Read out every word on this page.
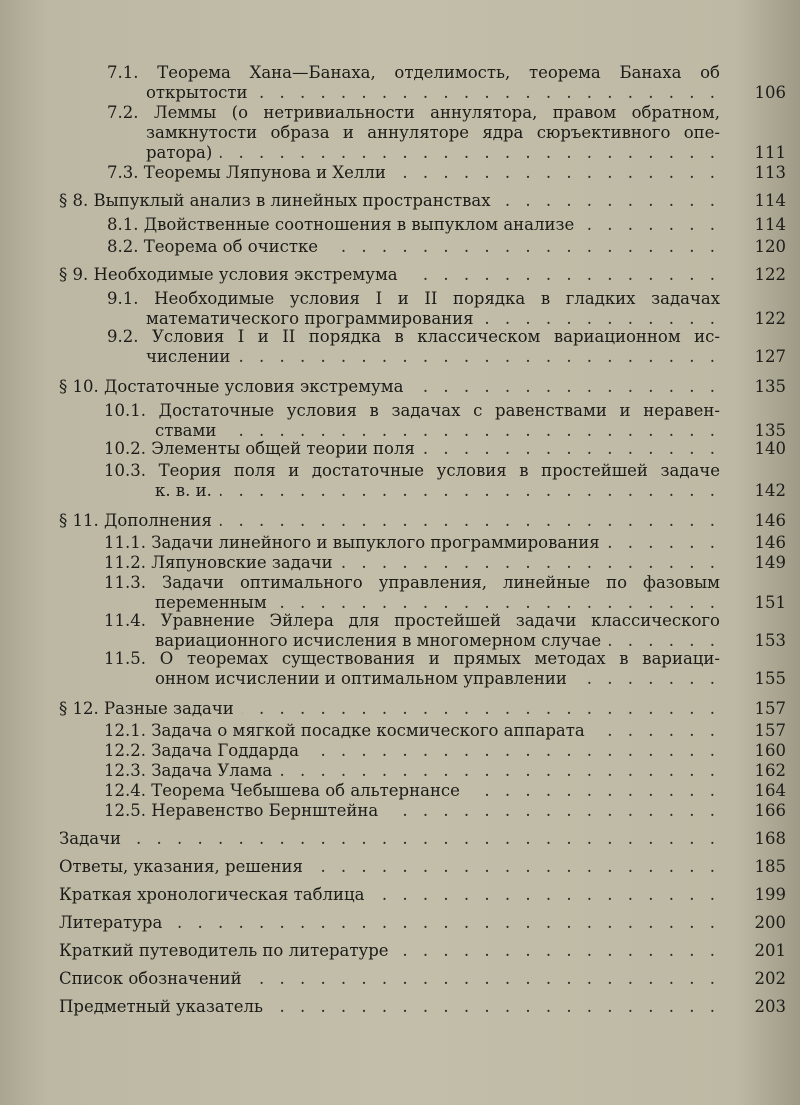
7.1. Теорема Хана—Банаха, отделимость, теорема Банаха об
открытости . . .	106
7.2. Леммы (о нетривиальности аннулятора, правом обратном,
замкнутости образа и аннуляторе ядра сюръективного опе-
ратора) . . .	111
7.3. Теоремы Ляпунова и Хелли . . .	113
§ 8. Выпуклый анализ в линейных пространствах . . .	114
8.1. Двойственные соотношения в выпуклом анализе . . .	114
8.2. Теорема об очистке . . .	120
§ 9. Необходимые условия экстремума . . .	122
9.1. Необходимые условия I и II порядка в гладких задачах
математического программирования . . .	122
9.2. Условия I и II порядка в классическом вариационном ис-
числении . . .	127
§ 10. Достаточные условия экстремума . . .	135
10.1. Достаточные условия в задачах с равенствами и неравен-
ствами . . .	135
10.2. Элементы общей теории поля . . .	140
10.3. Теория поля и достаточные условия в простейшей задаче
к. в. и. . . .	142
§ 11. Дополнения . . .	146
11.1. Задачи линейного и выпуклого программирования . . .	146
11.2. Ляпуновские задачи . . .	149
11.3. Задачи оптимального управления, линейные по фазовым
переменным . . .	151
11.4. Уравнение Эйлера для простейшей задачи классического
вариационного исчисления в многомерном случае . . .	153
11.5. О теоремах существования и прямых методах в вариаци-
онном исчислении и оптимальном управлении . . .	155
§ 12. Разные задачи . . .	157
12.1. Задача о мягкой посадке космического аппарата . . .	157
12.2. Задача Годдарда . . .	160
12.3. Задача Улама . . .	162
12.4. Теорема Чебышева об альтернансе . . .	164
12.5. Неравенство Бернштейна . . .	166
Задачи . . .	168
Ответы, указания, решения . . .	185
Краткая хронологическая таблица . . .	199
Литература . . .	200
Краткий путеводитель по литературе . . .	201
Список обозначений . . .	202
Предметный указатель . . .	203
